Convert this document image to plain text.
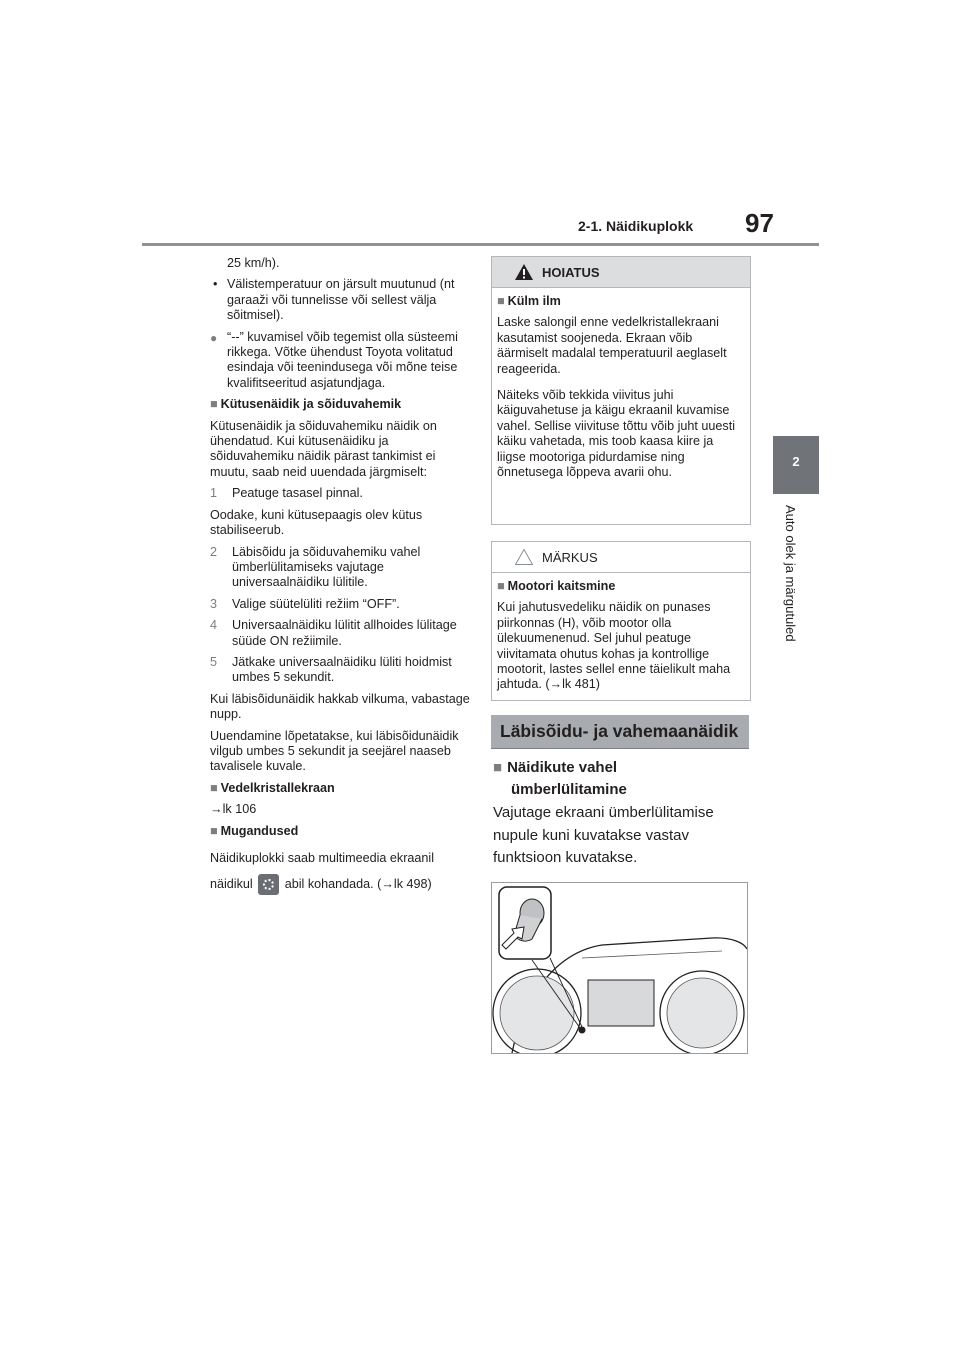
2-1. Näidikuplokk 97
2
Auto olek ja märgutuled

25 km/h).

• Välistemperatuur on järsult muutunud (nt garaaži või tunnelisse või sellest välja sõitmisel).

● “--” kuvamisel võib tegemist olla süsteemi rikkega. Võtke ühendust Toyota volitatud esindaja või teenindusega või mõne teise kvalifitseeritud asjatundjaga.

■ Kütusenäidik ja sõiduvahemik

Kütusenäidik ja sõiduvahemiku näidik on ühendatud. Kui kütusenäidiku ja sõiduvahemiku näidik pärast tankimist ei muutu, saab neid uuendada järgmiselt:

1 Peatuge tasasel pinnal.

Oodake, kuni kütusepaagis olev kütus stabiliseerub.

2 Läbisõidu ja sõiduvahemiku vahel ümberlülitamiseks vajutage universaalnäidiku lülitile.

3 Valige süütelüliti režiim “OFF”.

4 Universaalnäidiku lülitit allhoides lülitage süüde ON režiimile.

5 Jätkake universaalnäidiku lüliti hoidmist umbes 5 sekundit.

Kui läbisõidunäidik hakkab vilkuma, vabastage nupp.

Uuendamine lõpetatakse, kui läbisõidunäidik vilgub umbes 5 sekundit ja seejärel naaseb tavalisele kuvale.

■ Vedelkristallekraan

→lk 106

■ Mugandused

Näidikuplokki saab multimeedia ekraanil näidikul	abil kohandada. (→lk 498)

HOIATUS

■ Külm ilm

Laske salongil enne vedelkristallekraani kasutamist soojeneda. Ekraan võib äärmiselt madalal temperatuuril aeglaselt reageerida.

Näiteks võib tekkida viivitus juhi käiguvahetuse ja käigu ekraanil kuvamise vahel. Sellise viivituse tõttu võib juht uuesti käiku vahetada, mis toob kaasa kiire ja liigse mootoriga pidurdamise ning õnnetusega lõppeva avarii ohu.

MÄRKUS

■ Mootori kaitsmine

Kui jahutusvedeliku näidik on punases piirkonnas (H), võib mootor olla ülekuumenenud. Sel juhul peatuge viivitamata ohutus kohas ja kontrollige mootorit, lastes sellel enne täielikult maha jahtuda. (→lk 481)

Läbisõidu- ja vahemaanäidik
■ Näidikute vahel
ümberlülitamine
Vajutage ekraani ümberlülitamise nupule kuni kuvatakse vastav funktsioon kuvatakse.
